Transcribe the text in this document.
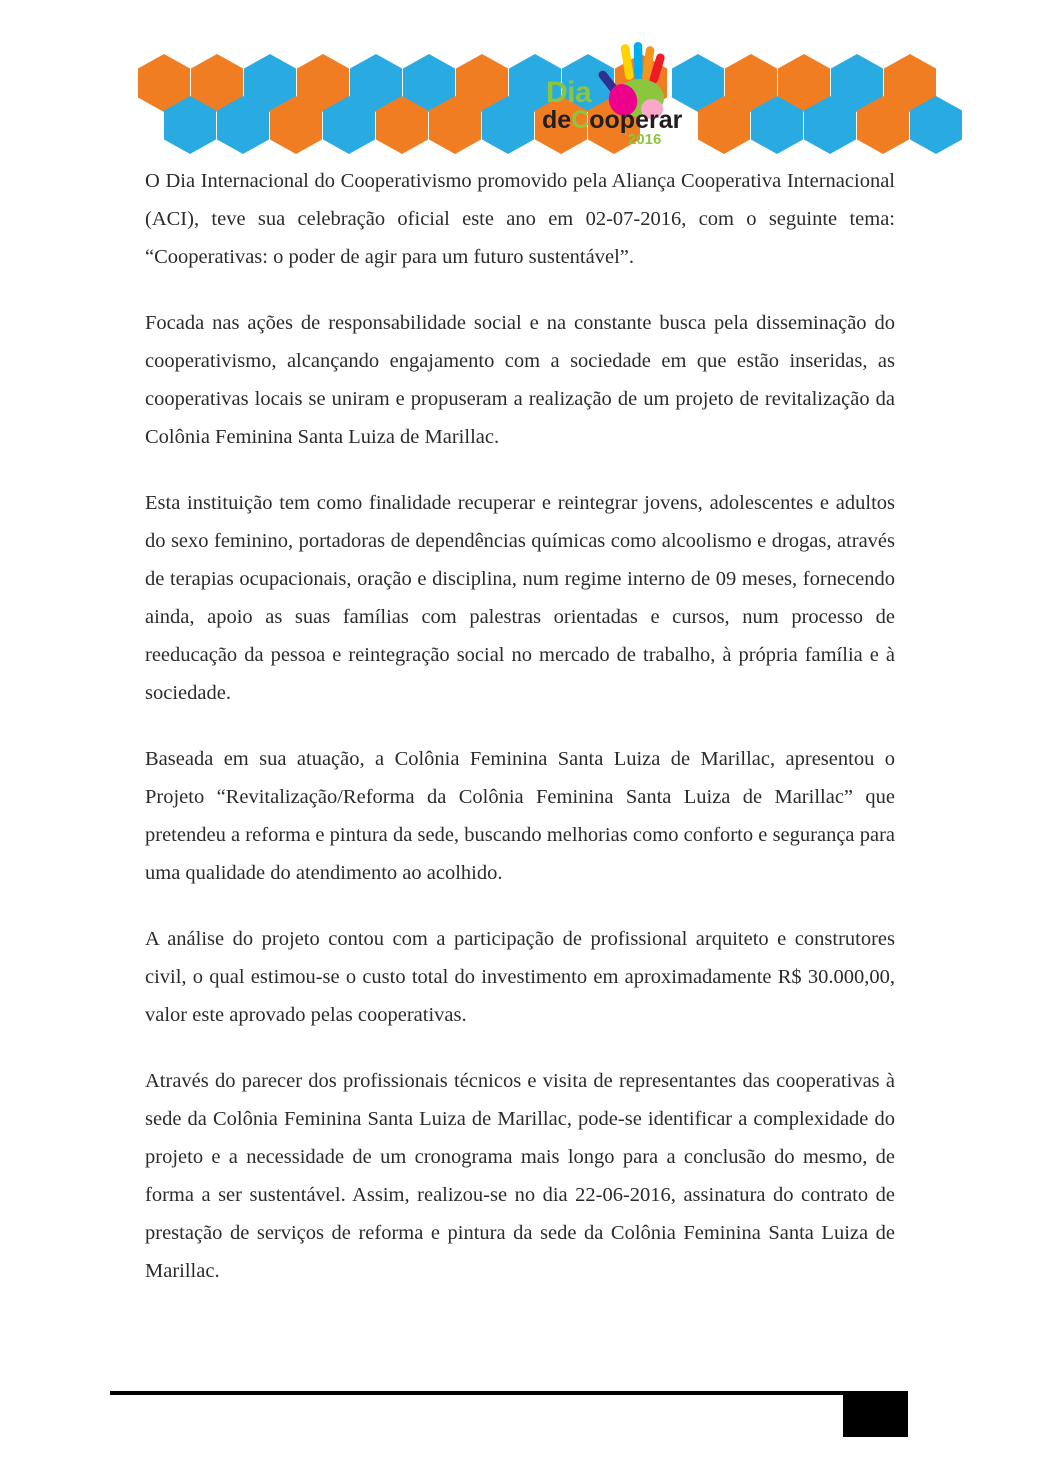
Dia
deCooperar
2016

O Dia Internacional do Cooperativismo promovido pela Aliança Cooperativa Internacional (ACI), teve sua celebração oficial este ano em 02-07-2016, com o seguinte tema: “Cooperativas: o poder de agir para um futuro sustentável”.

Focada nas ações de responsabilidade social e na constante busca pela disseminação do cooperativismo, alcançando engajamento com a sociedade em que estão inseridas, as cooperativas locais se uniram e propuseram a realização de um projeto de revitalização da Colônia Feminina Santa Luiza de Marillac.

Esta instituição tem como finalidade recuperar e reintegrar jovens, adolescentes e adultos do sexo feminino, portadoras de dependências químicas como alcoolismo e drogas, através de terapias ocupacionais, oração e disciplina, num regime interno de 09 meses, fornecendo ainda, apoio as suas famílias com palestras orientadas e cursos, num processo de reeducação da pessoa e reintegração social no mercado de trabalho, à própria família e à sociedade.

Baseada em sua atuação, a Colônia Feminina Santa Luiza de Marillac, apresentou o Projeto “Revitalização/Reforma da Colônia Feminina Santa Luiza de Marillac” que pretendeu a reforma e pintura da sede, buscando melhorias como conforto e segurança para uma qualidade do atendimento ao acolhido.

A análise do projeto contou com a participação de profissional arquiteto e construtores civil, o qual estimou-se o custo total do investimento em aproximadamente R$ 30.000,00, valor este aprovado pelas cooperativas.

Através do parecer dos profissionais técnicos e visita de representantes das cooperativas à sede da Colônia Feminina Santa Luiza de Marillac, pode-se identificar a complexidade do projeto e a necessidade de um cronograma mais longo para a conclusão do mesmo, de forma a ser sustentável. Assim, realizou-se no dia 22-06-2016, assinatura do contrato de prestação de serviços de reforma e pintura da sede da Colônia Feminina Santa Luiza de Marillac.
